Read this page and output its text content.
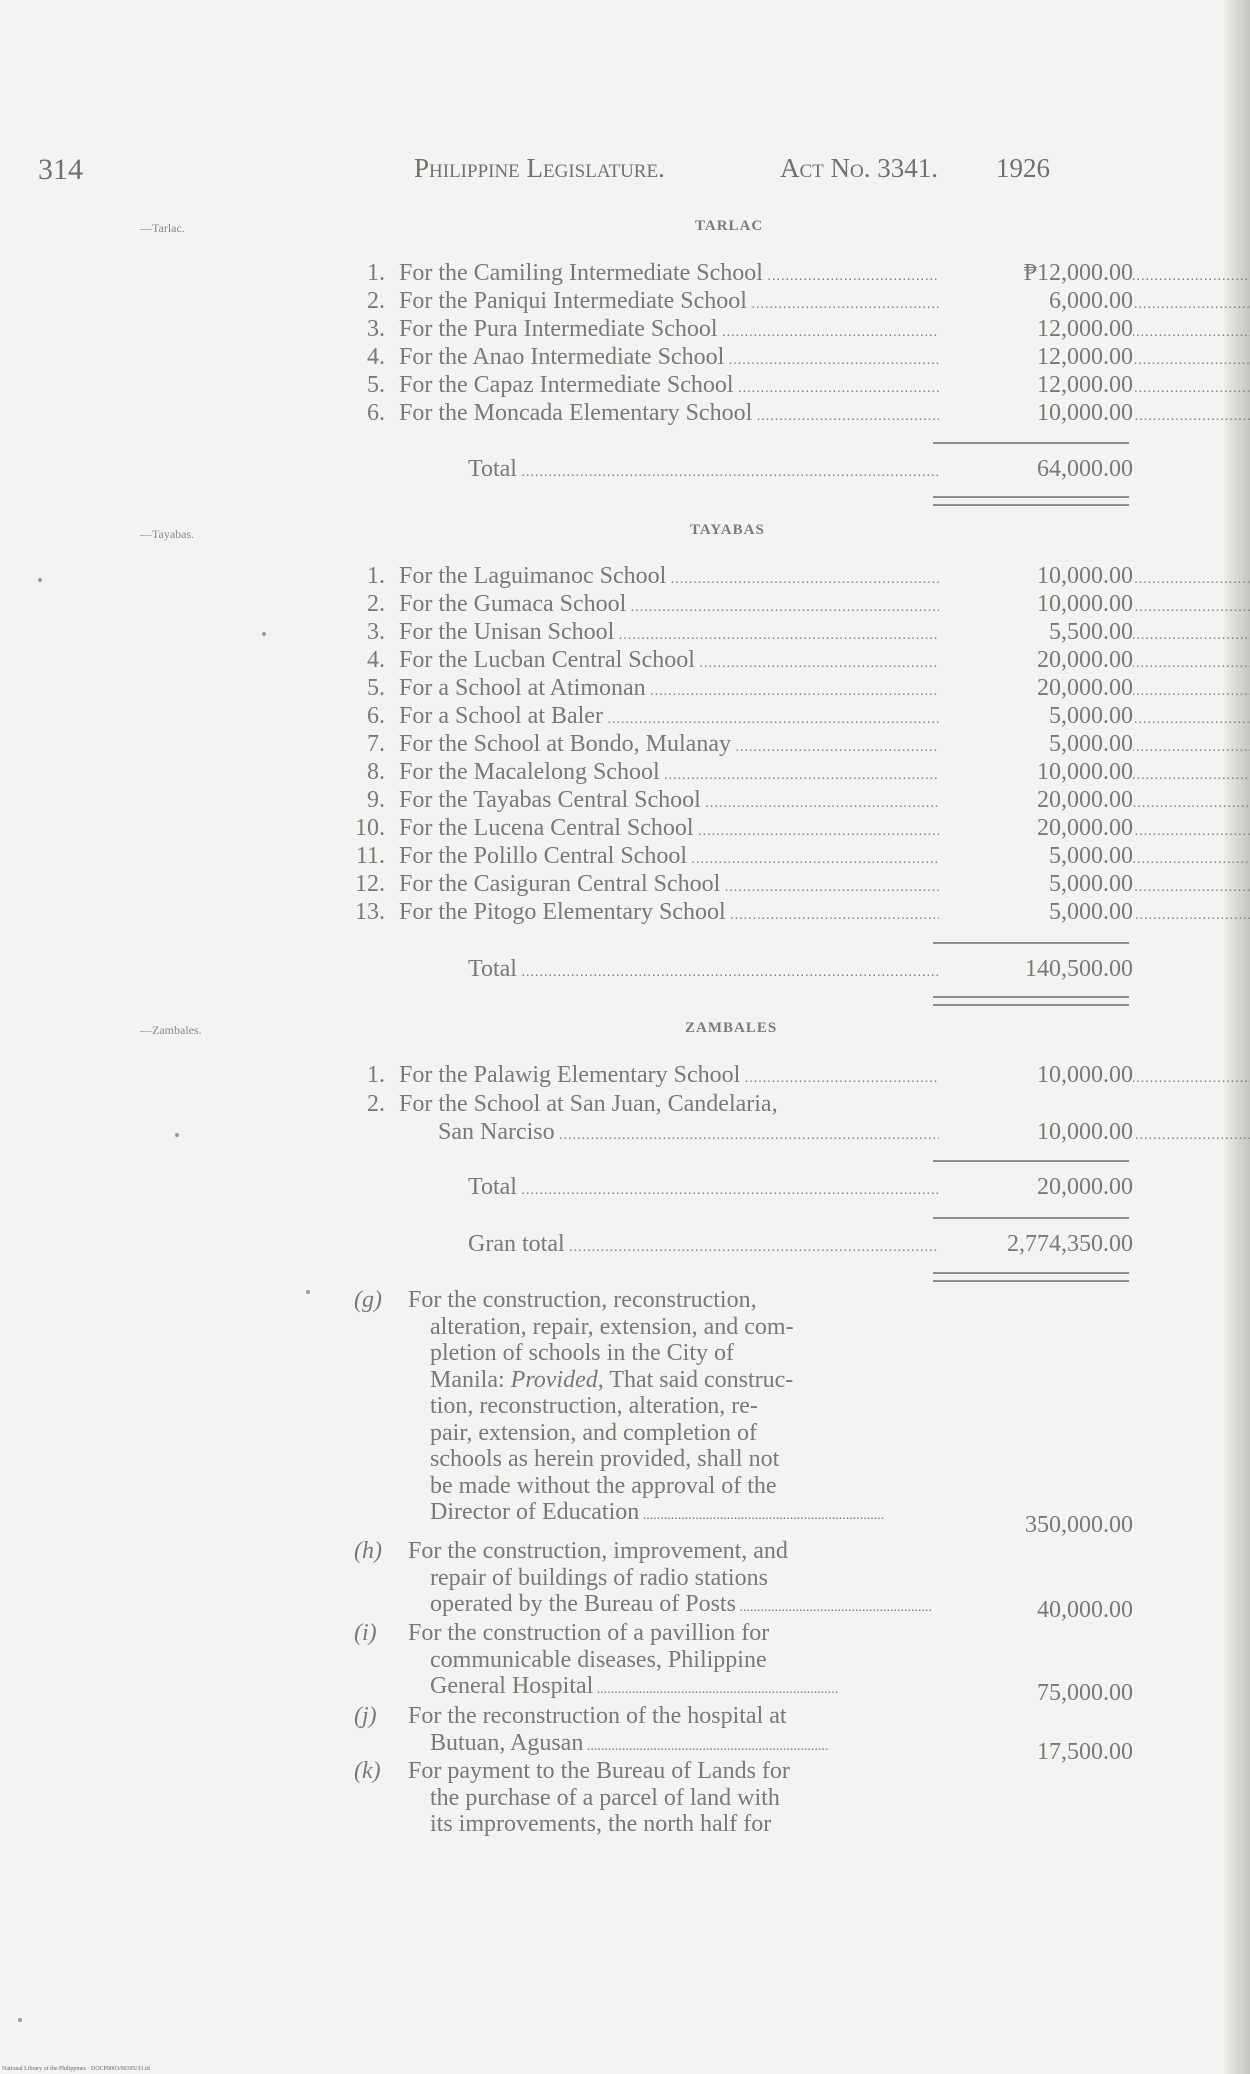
314	Philippine Legislature.	Act No. 3341. 1926
—Tarlac.	TARLAC
1. For the Camiling Intermediate School .....	₱12,000.00
2. For the Paniqui Intermediate School .....	6,000.00
3. For the Pura Intermediate School .....	12,000.00
4. For the Anao Intermediate School .....	12,000.00
5. For the Capaz Intermediate School .....	12,000.00
6. For the Moncada Elementary School .....	10,000.00
Total .....	64,000.00
—Tayabas.	TAYABAS
1. For the Laguimanoc School .....	10,000.00
2. For the Gumaca School .....	10,000.00
3. For the Unisan School .....	5,500.00
4. For the Lucban Central School .....	20,000.00
5. For a School at Atimonan .....	20,000.00
6. For a School at Baler .....	5,000.00
7. For the School at Bondo, Mulanay .....	5,000.00
8. For the Macalelong School .....	10,000.00
9. For the Tayabas Central School .....	20,000.00
10. For the Lucena Central School .....	20,000.00
11. For the Polillo Central School .....	5,000.00
12. For the Casiguran Central School .....	5,000.00
13. For the Pitogo Elementary School .....	5,000.00
Total .....	140,500.00
—Zambales.	ZAMBALES
1. For the Palawig Elementary School .....	10,000.00
2. For the School at San Juan, Candelaria,
San Narciso .....	10,000.00
Total .....	20,000.00
Gran total .....	2,774,350.00
(g) For the construction, reconstruction,
alteration, repair, extension, and com-
pletion of schools in the City of
Manila: Provided, That said construc-
tion, reconstruction, alteration, re-
pair, extension, and completion of
schools as herein provided, shall not
be made without the approval of the
Director of Education .....	350,000.00
(h) For the construction, improvement, and
repair of buildings of radio stations
operated by the Bureau of Posts .....	40,000.00
(i) For the construction of a pavillion for
communicable diseases, Philippine
General Hospital .....	75,000.00
(j) For the reconstruction of the hospital at
Butuan, Agusan .....	17,500.00
(k) For payment to the Bureau of Lands for
the purchase of a parcel of land with
its improvements, the north half for
National Library of the Philippines · DOCP0003/00395/33.tif
